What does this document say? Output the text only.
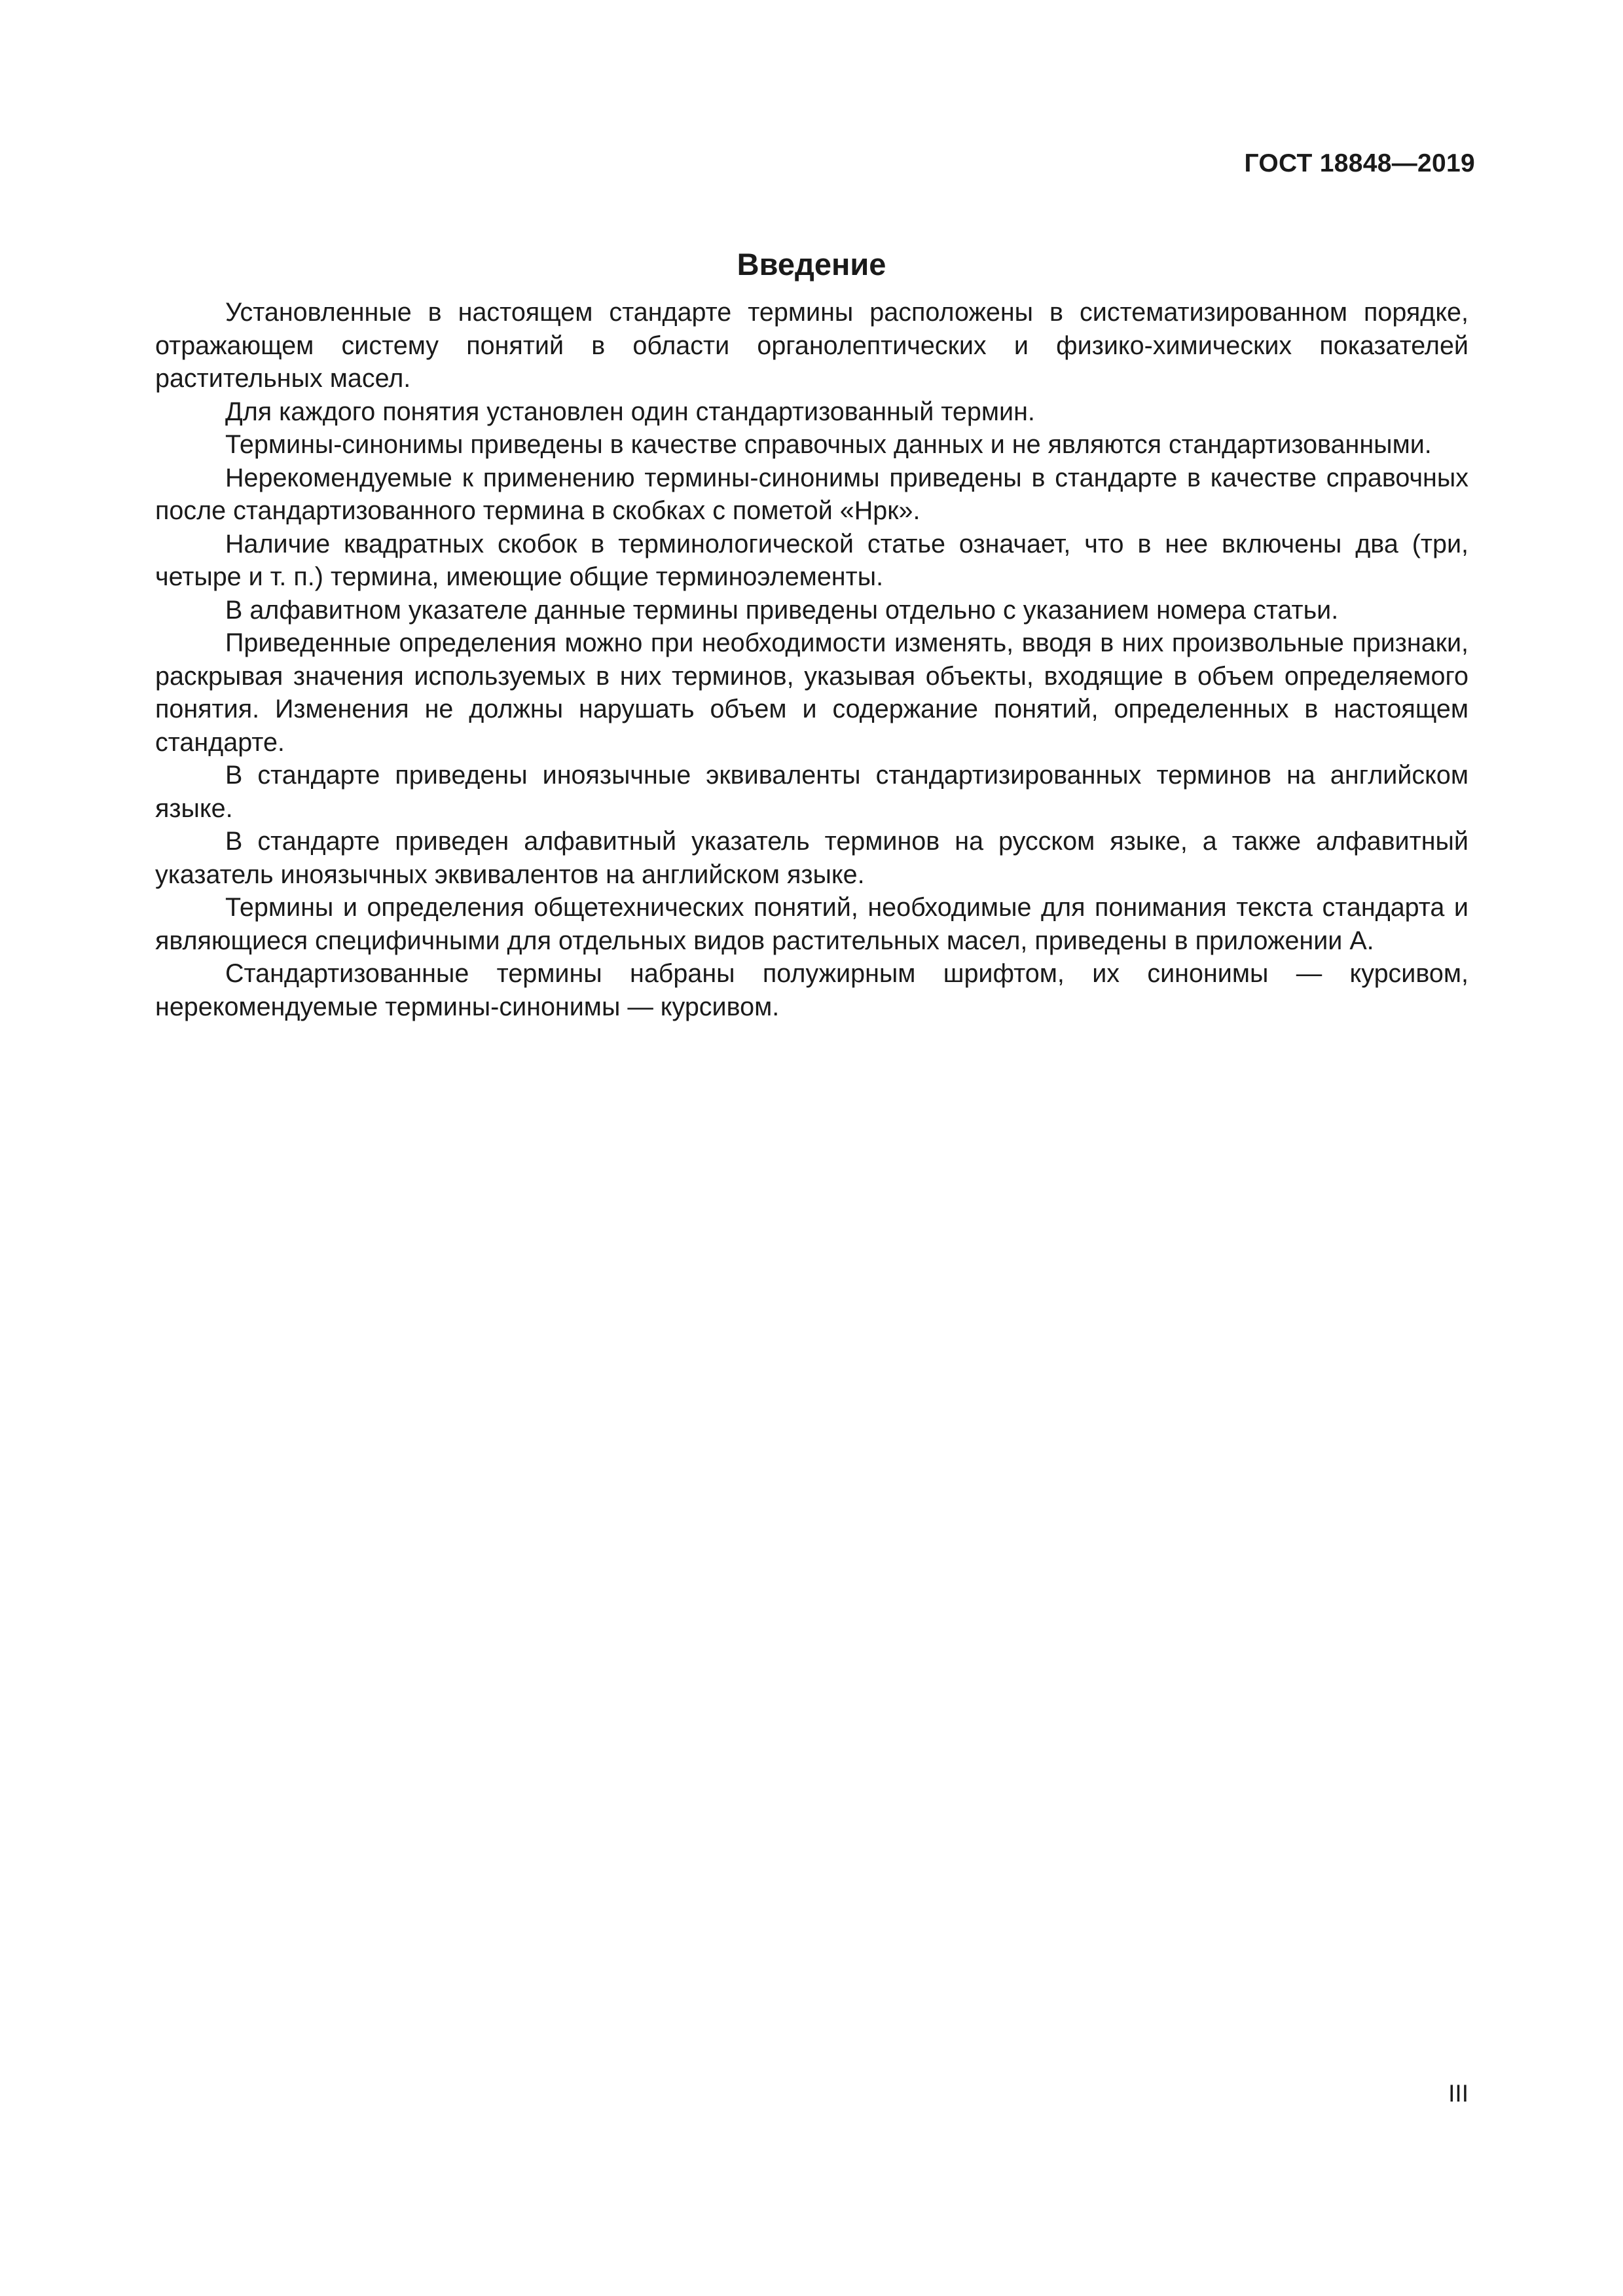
ГОСТ 18848—2019
Введение

Установленные в настоящем стандарте термины расположены в систематизированном порядке, отражающем систему понятий в области органолептических и физико-химических показателей растительных масел.

Для каждого понятия установлен один стандартизованный термин.

Термины-синонимы приведены в качестве справочных данных и не являются стандартизованными.

Нерекомендуемые к применению термины-синонимы приведены в стандарте в качестве справочных после стандартизованного термина в скобках с пометой «Нрк».

Наличие квадратных скобок в терминологической статье означает, что в нее включены два (три, четыре и т. п.) термина, имеющие общие терминоэлементы.

В алфавитном указателе данные термины приведены отдельно с указанием номера статьи.

Приведенные определения можно при необходимости изменять, вводя в них произвольные признаки, раскрывая значения используемых в них терминов, указывая объекты, входящие в объем определяемого понятия. Изменения не должны нарушать объем и содержание понятий, определенных в настоящем стандарте.

В стандарте приведены иноязычные эквиваленты стандартизированных терминов на английском языке.

В стандарте приведен алфавитный указатель терминов на русском языке, а также алфавитный указатель иноязычных эквивалентов на английском языке.

Термины и определения общетехнических понятий, необходимые для понимания текста стандарта и являющиеся специфичными для отдельных видов растительных масел, приведены в приложении А.

Стандартизованные термины набраны полужирным шрифтом, их синонимы — курсивом, нерекомендуемые термины-синонимы — курсивом.

III
